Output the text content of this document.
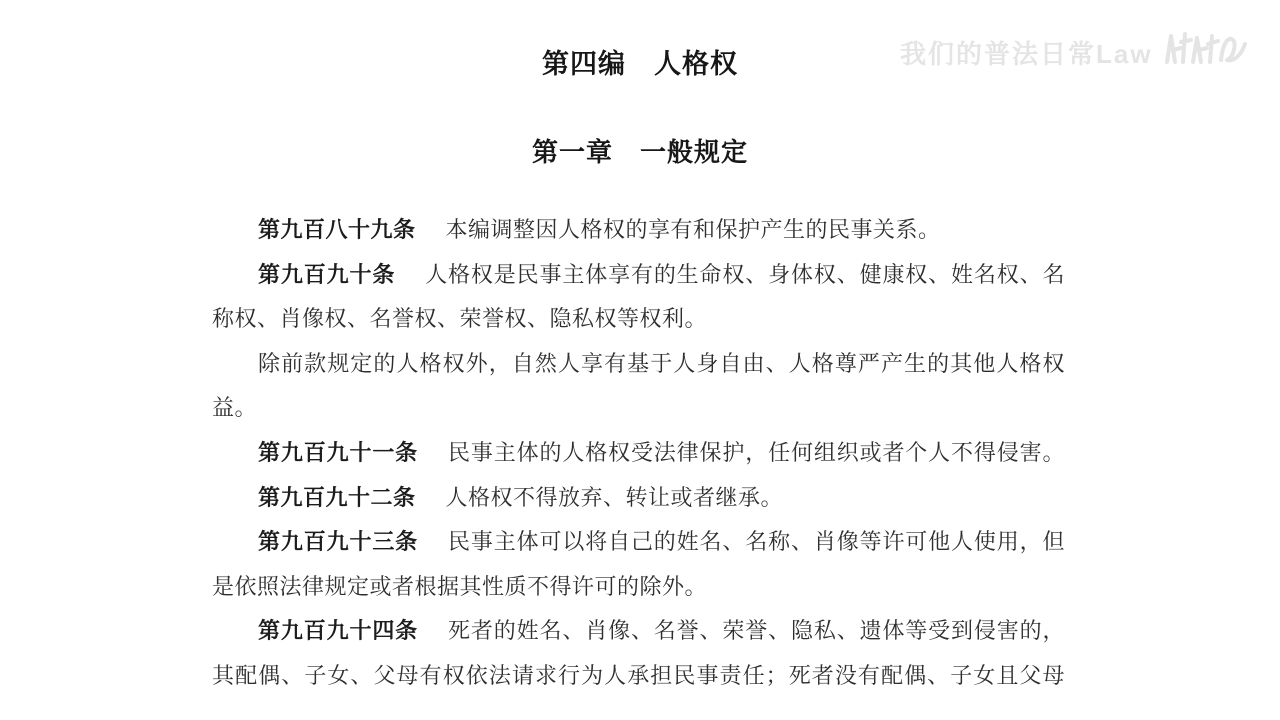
我们的普法日常Law
第四编　人格权
第一章　一般规定
第九百八十九条 本编调整因人格权的享有和保护产生的民事关系。
第九百九十条 人格权是民事主体享有的生命权、身体权、健康权、姓名权、名
称权、肖像权、名誉权、荣誉权、隐私权等权利。
除前款规定的人格权外，自然人享有基于人身自由、人格尊严产生的其他人格权
益。
第九百九十一条 民事主体的人格权受法律保护，任何组织或者个人不得侵害。
第九百九十二条 人格权不得放弃、转让或者继承。
第九百九十三条 民事主体可以将自己的姓名、名称、肖像等许可他人使用，但
是依照法律规定或者根据其性质不得许可的除外。
第九百九十四条 死者的姓名、肖像、名誉、荣誉、隐私、遗体等受到侵害的，
其配偶、子女、父母有权依法请求行为人承担民事责任；死者没有配偶、子女且父母
